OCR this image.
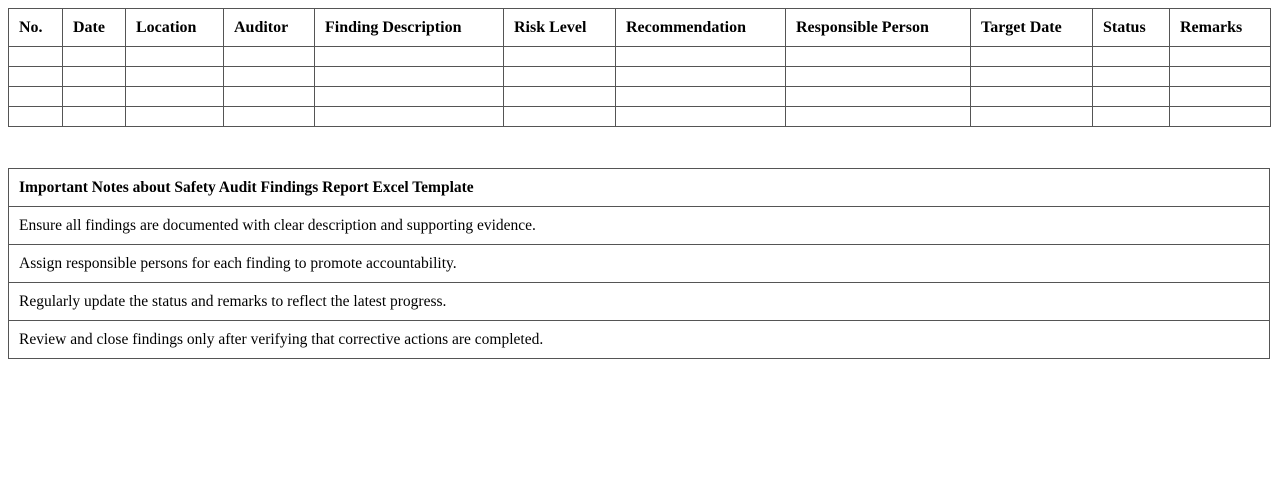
No.	Date	Location	Auditor	Finding Description	Risk Level	Recommendation	Responsible Person	Target Date	Status	Remarks

Important Notes about Safety Audit Findings Report Excel Template
Ensure all findings are documented with clear description and supporting evidence.
Assign responsible persons for each finding to promote accountability.
Regularly update the status and remarks to reflect the latest progress.
Review and close findings only after verifying that corrective actions are completed.
